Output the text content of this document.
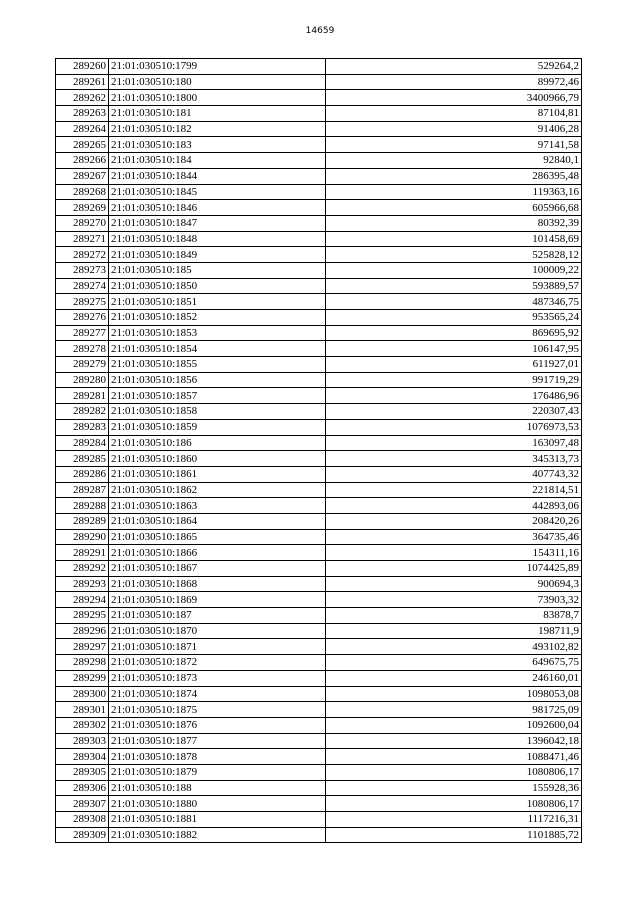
14659
289260	21:01:030510:1799	529264,2
289261	21:01:030510:180	89972,46
289262	21:01:030510:1800	3400966,79
289263	21:01:030510:181	87104,81
289264	21:01:030510:182	91406,28
289265	21:01:030510:183	97141,58
289266	21:01:030510:184	92840,1
289267	21:01:030510:1844	286395,48
289268	21:01:030510:1845	119363,16
289269	21:01:030510:1846	605966,68
289270	21:01:030510:1847	80392,39
289271	21:01:030510:1848	101458,69
289272	21:01:030510:1849	525828,12
289273	21:01:030510:185	100009,22
289274	21:01:030510:1850	593889,57
289275	21:01:030510:1851	487346,75
289276	21:01:030510:1852	953565,24
289277	21:01:030510:1853	869695,92
289278	21:01:030510:1854	106147,95
289279	21:01:030510:1855	611927,01
289280	21:01:030510:1856	991719,29
289281	21:01:030510:1857	176486,96
289282	21:01:030510:1858	220307,43
289283	21:01:030510:1859	1076973,53
289284	21:01:030510:186	163097,48
289285	21:01:030510:1860	345313,73
289286	21:01:030510:1861	407743,32
289287	21:01:030510:1862	221814,51
289288	21:01:030510:1863	442893,06
289289	21:01:030510:1864	208420,26
289290	21:01:030510:1865	364735,46
289291	21:01:030510:1866	154311,16
289292	21:01:030510:1867	1074425,89
289293	21:01:030510:1868	900694,3
289294	21:01:030510:1869	73903,32
289295	21:01:030510:187	83878,7
289296	21:01:030510:1870	198711,9
289297	21:01:030510:1871	493102,82
289298	21:01:030510:1872	649675,75
289299	21:01:030510:1873	246160,01
289300	21:01:030510:1874	1098053,08
289301	21:01:030510:1875	981725,09
289302	21:01:030510:1876	1092600,04
289303	21:01:030510:1877	1396042,18
289304	21:01:030510:1878	1088471,46
289305	21:01:030510:1879	1080806,17
289306	21:01:030510:188	155928,36
289307	21:01:030510:1880	1080806,17
289308	21:01:030510:1881	1117216,31
289309	21:01:030510:1882	1101885,72
